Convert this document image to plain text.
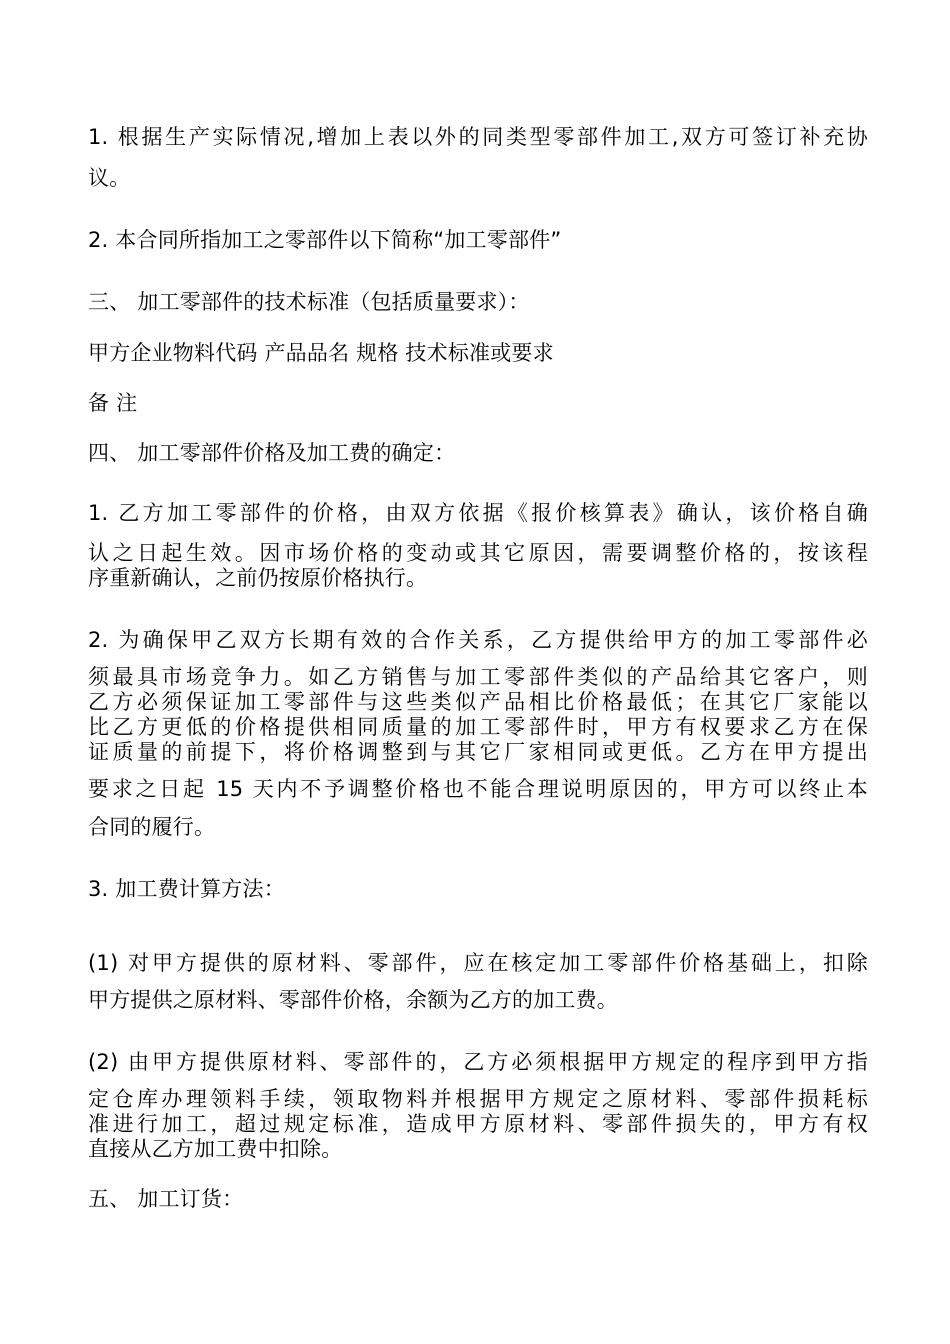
1. 根据生产实际情况,增加上表以外的同类型零部件加工,双方可签订补充协
议。
2. 本合同所指加工之零部件以下简称“加工零部件”
三、 加工零部件的技术标准（包括质量要求）：
甲方企业物料代码 产品品名 规格 技术标准或要求
备 注
四、 加工零部件价格及加工费的确定：
1. 乙方加工零部件的价格，由双方依据《报价核算表》确认，该价格自确
认之日起生效。因市场价格的变动或其它原因，需要调整价格的，按该程
序重新确认，之前仍按原价格执行。
2. 为确保甲乙双方长期有效的合作关系，乙方提供给甲方的加工零部件必
须最具市场竞争力。如乙方销售与加工零部件类似的产品给其它客户，则
乙方必须保证加工零部件与这些类似产品相比价格最低；在其它厂家能以
比乙方更低的价格提供相同质量的加工零部件时，甲方有权要求乙方在保
证质量的前提下，将价格调整到与其它厂家相同或更低。乙方在甲方提出
要求之日起 15 天内不予调整价格也不能合理说明原因的，甲方可以终止本
合同的履行。
3. 加工费计算方法：
(1) 对甲方提供的原材料、零部件，应在核定加工零部件价格基础上，扣除
甲方提供之原材料、零部件价格，余额为乙方的加工费。
(2) 由甲方提供原材料、零部件的，乙方必须根据甲方规定的程序到甲方指
定仓库办理领料手续，领取物料并根据甲方规定之原材料、零部件损耗标
准进行加工，超过规定标准，造成甲方原材料、零部件损失的，甲方有权
直接从乙方加工费中扣除。
五、 加工订货：
